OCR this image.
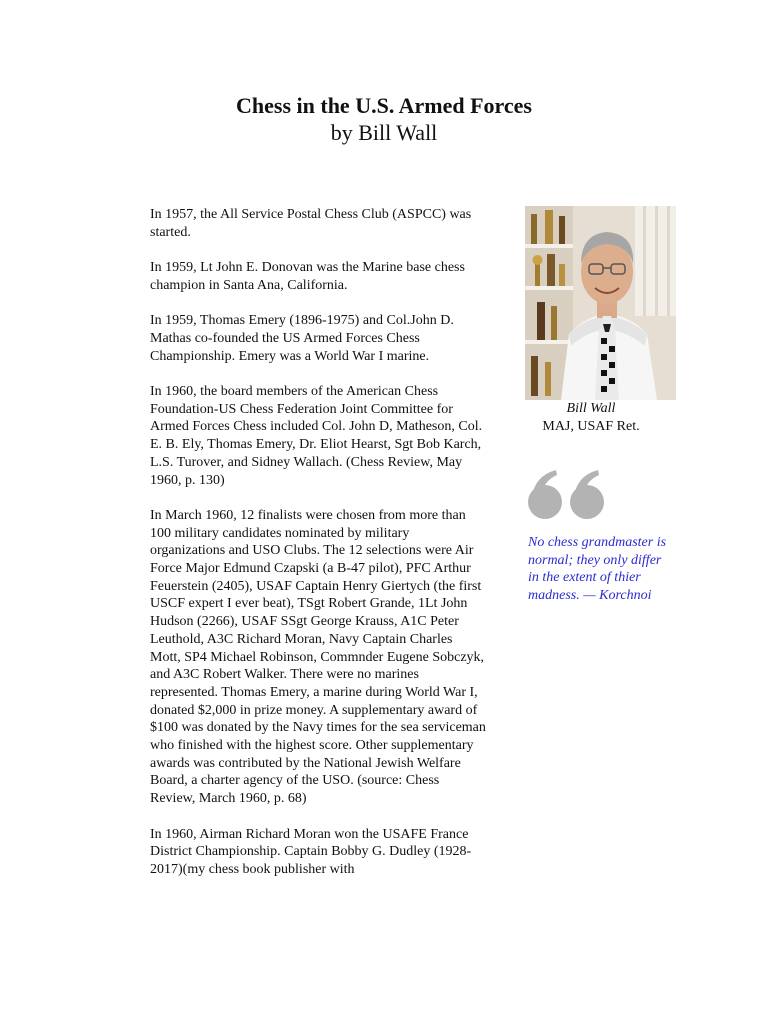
Chess in the U.S. Armed Forces
by Bill Wall

In 1957, the All Service Postal Chess Club (ASPCC) was started.

In 1959, Lt John E. Donovan was the Marine base chess champion in Santa Ana, California.

In 1959, Thomas Emery (1896-1975) and Col.John D. Mathas co-founded the US Armed Forces Chess Championship. Emery was a World War I marine.

In 1960, the board members of the American Chess Foundation-US Chess Federation Joint Committee for Armed Forces Chess included Col. John D, Matheson, Col. E. B. Ely, Thomas Emery, Dr. Eliot Hearst, Sgt Bob Karch, L.S. Turover, and Sidney Wallach. (Chess Review, May 1960, p. 130)

In March 1960, 12 finalists were chosen from more than 100 military candidates nominated by military organizations and USO Clubs. The 12 selections were Air Force Major Edmund Czapski (a B-47 pilot), PFC Arthur Feuerstein (2405), USAF Captain Henry Giertych (the first USCF expert I ever beat), TSgt Robert Grande, 1Lt John Hudson (2266), USAF SSgt George Krauss, A1C Peter Leuthold, A3C Richard Moran, Navy Captain Charles Mott, SP4 Michael Robinson, Commnder Eugene Sobczyk, and A3C Robert Walker. There were no marines represented. Thomas Emery, a marine during World War I, donated $2,000 in prize money. A supplementary award of $100 was donated by the Navy times for the sea serviceman who finished with the highest score. Other supplementary awards was contributed by the National Jewish Welfare Board, a charter agency of the USO. (source: Chess Review, March 1960, p. 68)

In 1960, Airman Richard Moran won the USAFE France District Championship. Captain Bobby G. Dudley (1928-2017)(my chess book publisher with

Bill Wall
MAJ, USAF Ret.
No chess grandmaster is normal; they only differ in the extent of thier madness. — Korchnoi
